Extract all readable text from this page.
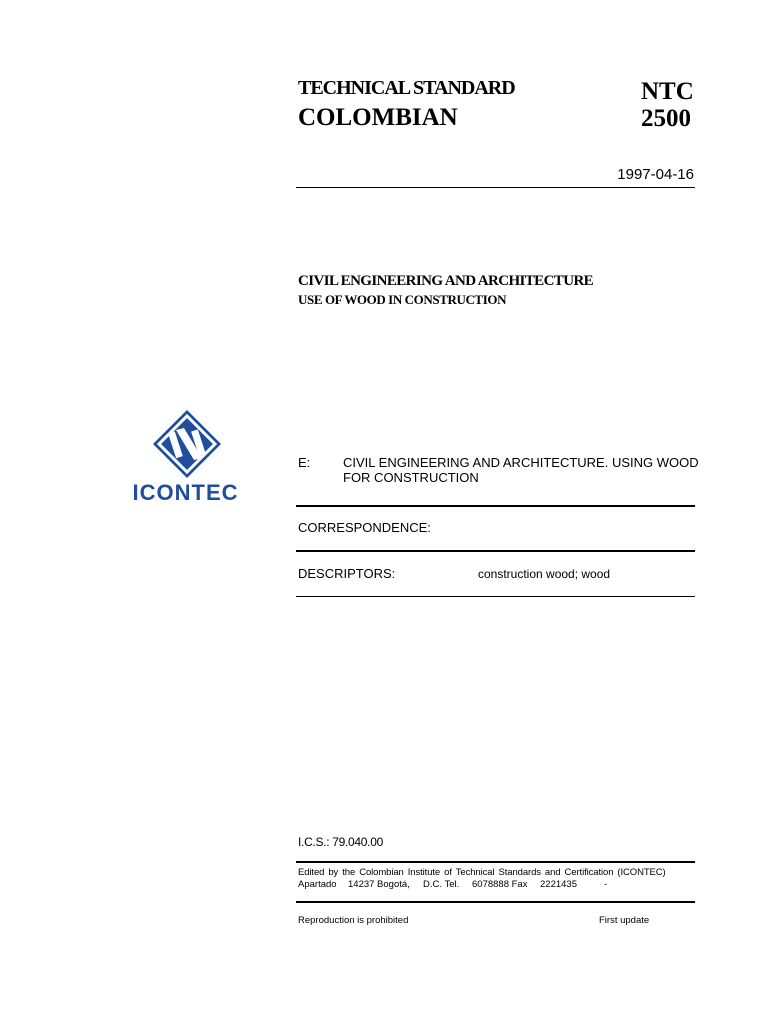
TECHNICAL STANDARD
COLOMBIAN
NTC
2500
1997-04-16
CIVIL ENGINEERING AND ARCHITECTURE
USE OF WOOD IN CONSTRUCTION
ICONTEC
E:	CIVIL ENGINEERING AND ARCHITECTURE. USING WOOD
FOR CONSTRUCTION
CORRESPONDENCE:
DESCRIPTORS:	construction wood; wood
I.C.S.: 79.040.00
Edited by the Colombian Institute of Technical Standards and Certification (ICONTEC)
Apartado 14237 Bogotá, D.C. Tel. 6078888 Fax 2221435	-
Reproduction is prohibited	First update
